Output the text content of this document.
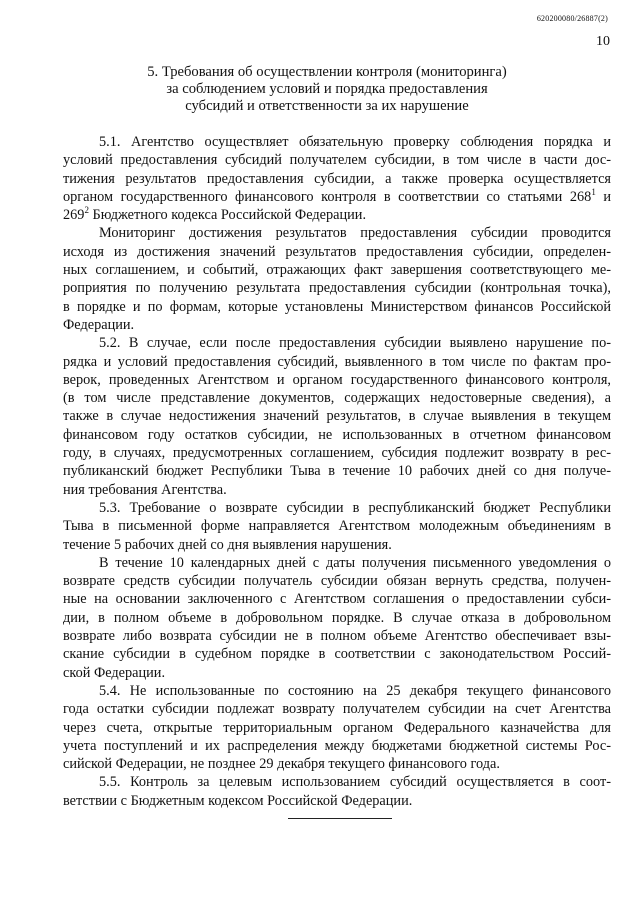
620200080/26887(2)
10
5. Требования об осуществлении контроля (мониторинга)
за соблюдением условий и порядка предоставления
субсидий и ответственности за их нарушение
5.1. Агентство осуществляет обязательную проверку соблюдения порядка и
условий предоставления субсидий получателем субсидии, в том числе в части дос-
тижения результатов предоставления субсидии, а также проверка осуществляется
органом государственного финансового контроля в соответствии со статьями $268^1$ и
$269^2$ Бюджетного кодекса Российской Федерации.
Мониторинг достижения результатов предоставления субсидии проводится
исходя из достижения значений результатов предоставления субсидии, определен-
ных соглашением, и событий, отражающих факт завершения соответствующего ме-
роприятия по получению результата предоставления субсидии (контрольная точка),
в порядке и по формам, которые установлены Министерством финансов Российской
Федерации.
5.2. В случае, если после предоставления субсидии выявлено нарушение по-
рядка и условий предоставления субсидий, выявленного в том числе по фактам про-
верок, проведенных Агентством и органом государственного финансового контроля,
(в том числе представление документов, содержащих недостоверные сведения), а
также в случае недостижения значений результатов, в случае выявления в текущем
финансовом году остатков субсидии, не использованных в отчетном финансовом
году, в случаях, предусмотренных соглашением, субсидия подлежит возврату в рес-
публиканский бюджет Республики Тыва в течение 10 рабочих дней со дня получе-
ния требования Агентства.
5.3. Требование о возврате субсидии в республиканский бюджет Республики
Тыва в письменной форме направляется Агентством молодежным объединениям в
течение 5 рабочих дней со дня выявления нарушения.
В течение 10 календарных дней с даты получения письменного уведомления о
возврате средств субсидии получатель субсидии обязан вернуть средства, получен-
ные на основании заключенного с Агентством соглашения о предоставлении субси-
дии, в полном объеме в добровольном порядке. В случае отказа в добровольном
возврате либо возврата субсидии не в полном объеме Агентство обеспечивает взы-
скание субсидии в судебном порядке в соответствии с законодательством Россий-
ской Федерации.
5.4. Не использованные по состоянию на 25 декабря текущего финансового
года остатки субсидии подлежат возврату получателем субсидии на счет Агентства
через счета, открытые территориальным органом Федерального казначейства для
учета поступлений и их распределения между бюджетами бюджетной системы Рос-
сийской Федерации, не позднее 29 декабря текущего финансового года.
5.5. Контроль за целевым использованием субсидий осуществляется в соот-
ветствии с Бюджетным кодексом Российской Федерации.
